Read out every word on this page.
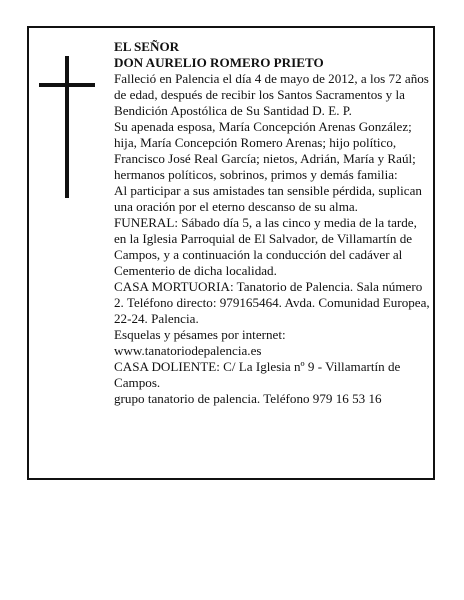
EL SEÑOR

DON AURELIO ROMERO PRIETO

Falleció en Palencia el día 4 de mayo de 2012, a los 72 años de edad, después de recibir los Santos Sacramentos y la Bendición Apostólica de Su Santidad D. E. P.

Su apenada esposa, María Concepción Arenas González; hija, María Concepción Romero Arenas; hijo político, Francisco José Real García; nietos, Adrián, María y Raúl; hermanos políticos, sobrinos, primos y demás familia:

Al participar a sus amistades tan sensible pérdida, suplican una oración por el eterno descanso de su alma.

FUNERAL: Sábado día 5, a las cinco y media de la tarde, en la Iglesia Parroquial de El Salvador, de Villamartín de Campos, y a continuación la conducción del cadáver al Cementerio de dicha localidad.

CASA MORTUORIA: Tanatorio de Palencia. Sala número 2. Teléfono directo: 979165464. Avda. Comunidad Europea, 22-24. Palencia.

Esquelas y pésames por internet: www.tanatoriodepalencia.es

CASA DOLIENTE: C/ La Iglesia nº 9 - Villamartín de Campos.

grupo tanatorio de palencia. Teléfono 979 16 53 16
